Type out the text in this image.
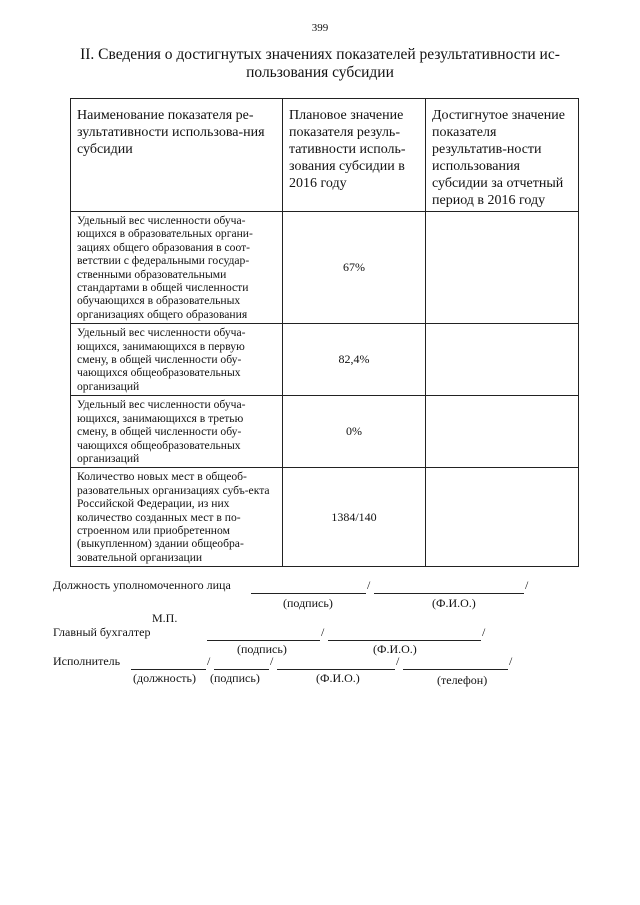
399
II. Сведения о достигнутых значениях показателей результативности ис-
пользования субсидии
Наименование показателя ре-зультативности использова-ния субсидии	Плановое значение показателя резуль-тативности исполь-зования субсидии в 2016 году	Достигнутое значение показателя результатив-ности использования субсидии за отчетный период в 2016 году
Удельный вес численности обуча-ющихся в образовательных органи-зациях общего образования в соот-ветствии с федеральными государ-ственными образовательными стандартами в общей численности обучающихся в образовательных организациях общего образования	67%	
Удельный вес численности обуча-ющихся, занимающихся в первую смену, в общей численности обу-чающихся общеобразовательных организаций	82,4%	
Удельный вес численности обуча-ющихся, занимающихся в третью смену, в общей численности обу-чающихся общеобразовательных организаций	0%	
Количество новых мест в общеоб-разовательных организациях субъ-екта Российской Федерации, из них количество созданных мест в по-строенном или приобретенном (выкупленном) здании общеобра-зовательной организации	1384/140	
Должность уполномоченного лица	/	/
(подпись)	(Ф.И.О.)
М.П.
Главный бухгалтер	/	/
(подпись)	(Ф.И.О.)
Исполнитель	/	/	/	/
(должность) (подпись)	(Ф.И.О.)	(телефон)
